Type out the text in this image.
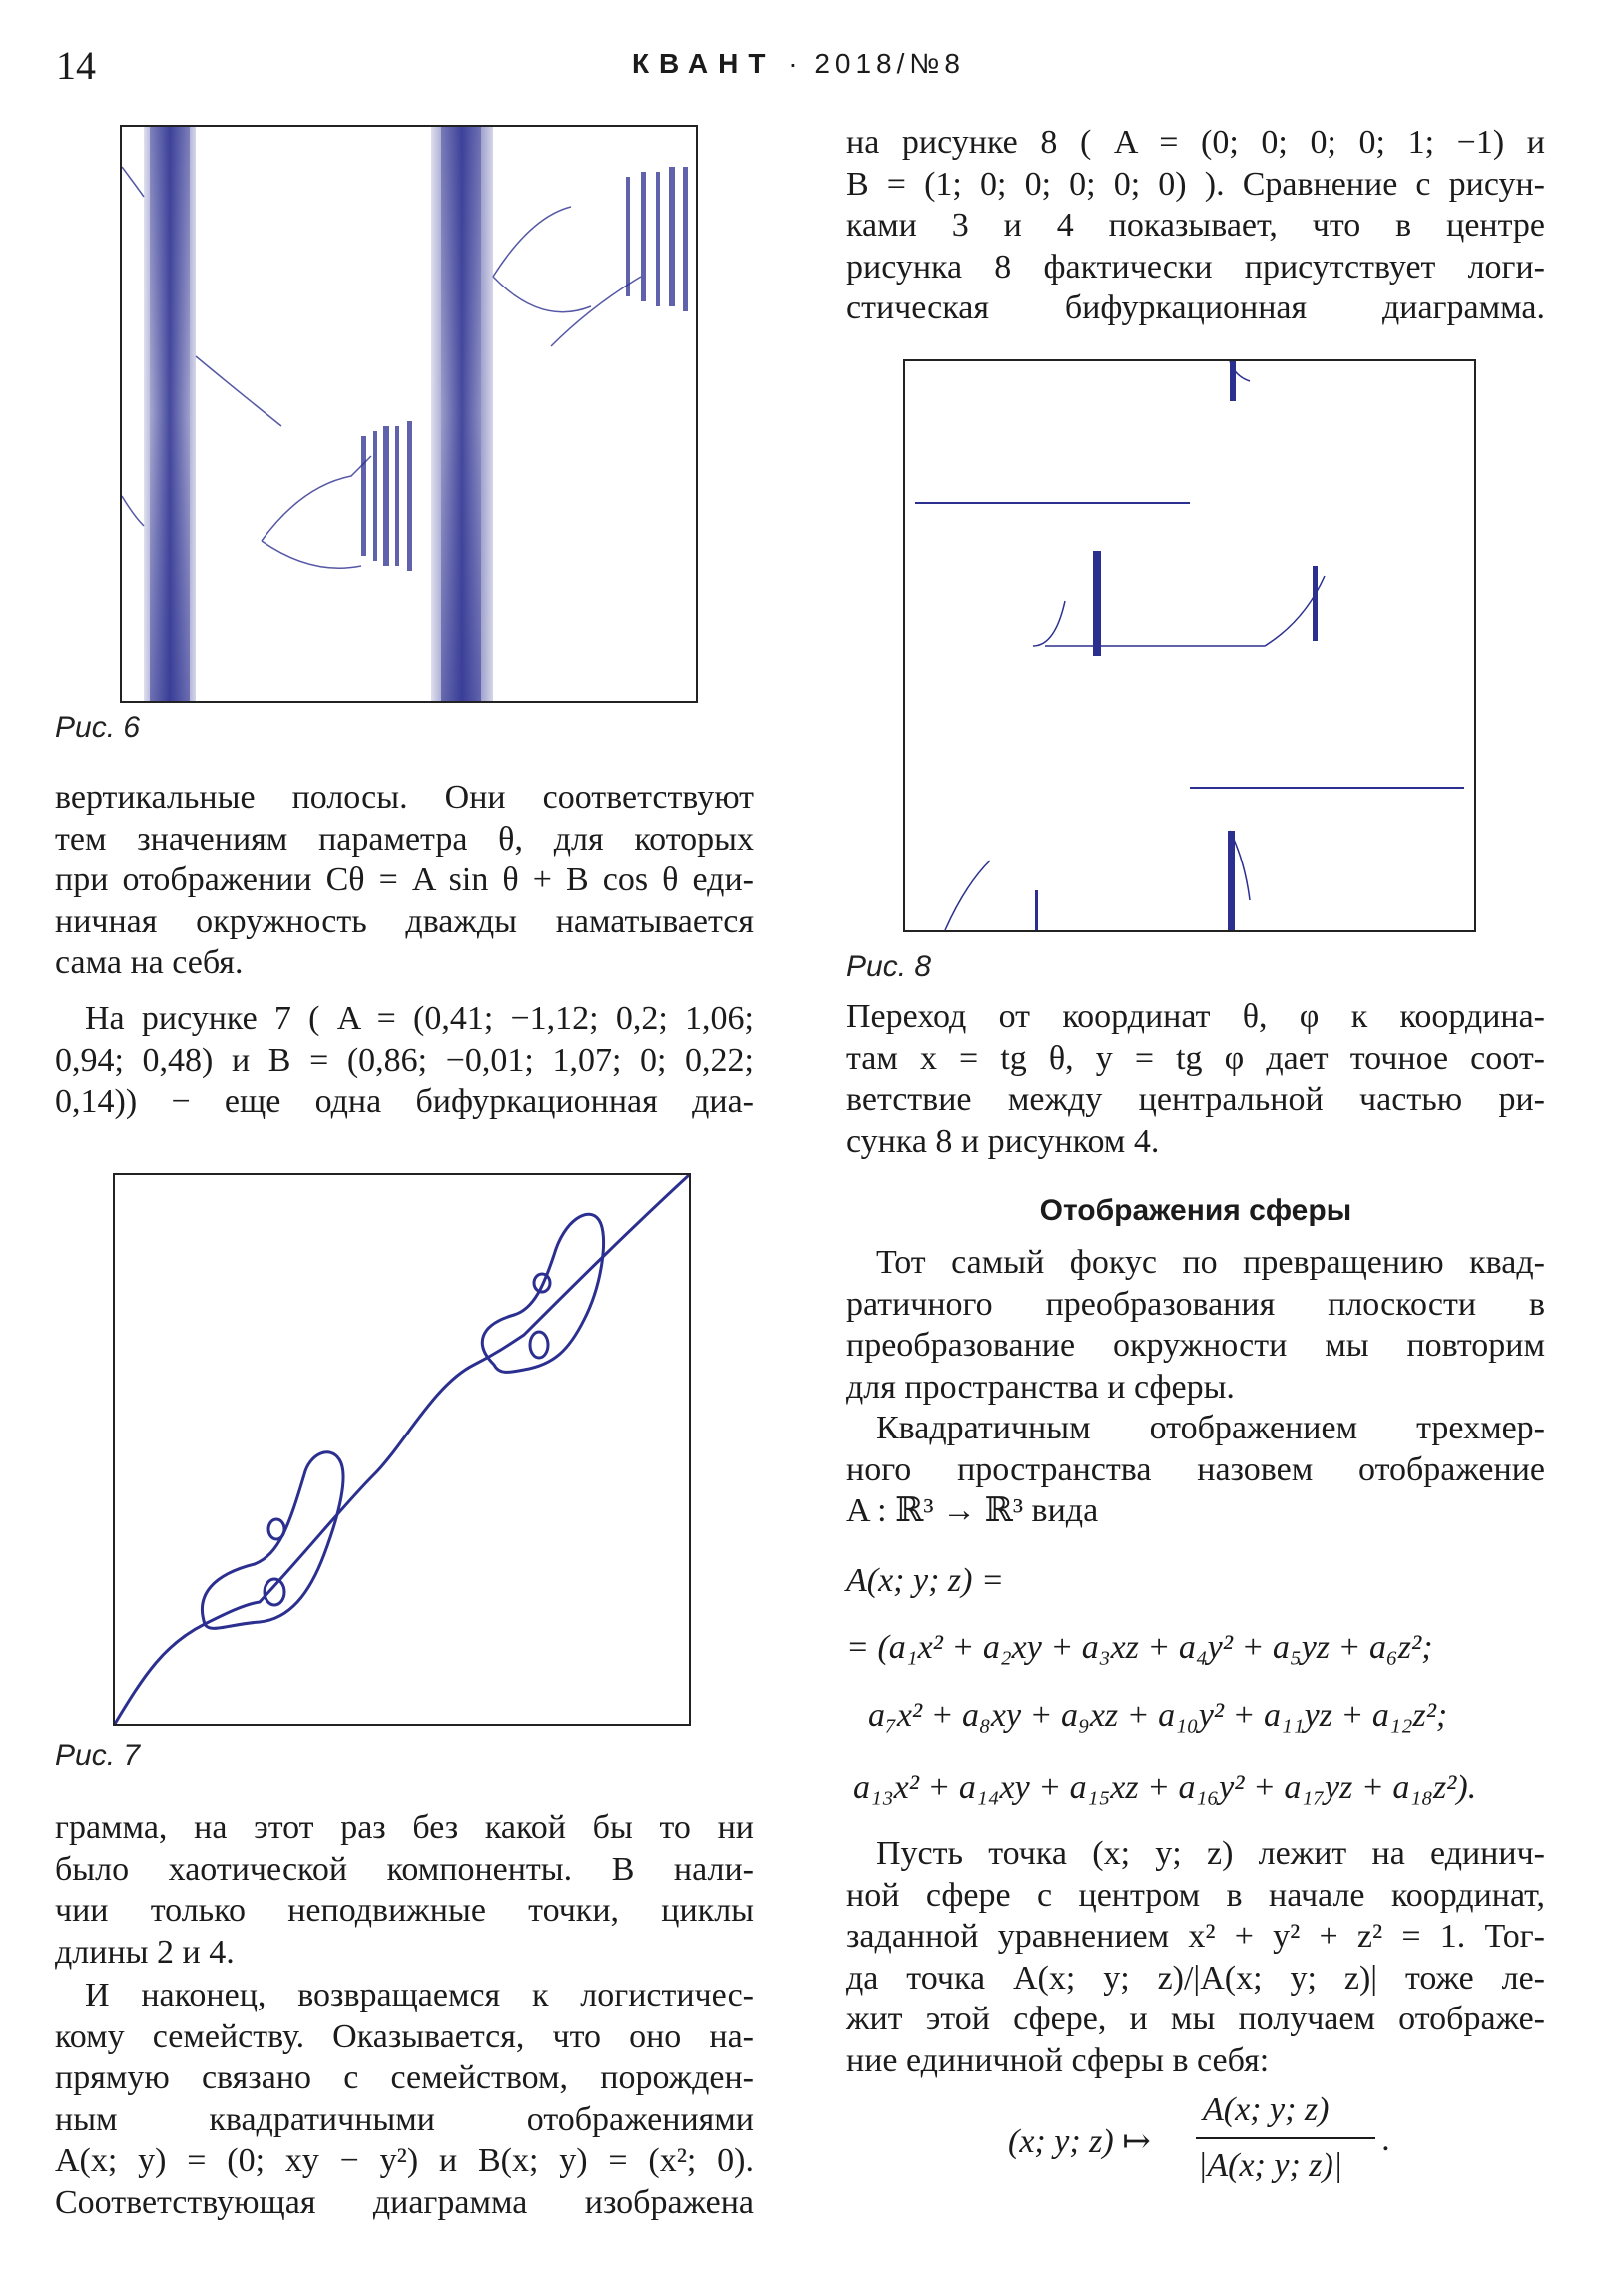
14	КВАНТ · 2018/№8
Рис. 6
вертикальные полосы. Они соответствуют
тем значениям параметра θ, для которых
при отображении Cθ = A sin θ + B cos θ еди-
ничная окружность дважды наматывается
сама на себя.
На рисунке 7 ( A = (0,41; −1,12; 0,2; 1,06;
0,94; 0,48) и B = (0,86; −0,01; 1,07; 0; 0,22;
0,14)) − еще одна бифуркационная диа-
Рис. 7
грамма, на этот раз без какой бы то ни
было хаотической компоненты. В нали-
чии только неподвижные точки, циклы
длины 2 и 4.
И наконец, возвращаемся к логистичес-
кому семейству. Оказывается, что оно на-
прямую связано с семейством, порожден-
ным квадратичными отображениями
A(x; y) = (0; xy − y²) и B(x; y) = (x²; 0).
Соответствующая диаграмма изображена
на рисунке 8 ( A = (0; 0; 0; 0; 1; −1) и
B = (1; 0; 0; 0; 0; 0) ). Сравнение с рисун-
ками 3 и 4 показывает, что в центре
рисунка 8 фактически присутствует логи-
стическая бифуркационная диаграмма.
Рис. 8
Переход от координат θ, φ к координа-
там x = tg θ, y = tg φ дает точное соот-
ветствие между центральной частью ри-
сунка 8 и рисунком 4.
Отображения сферы
Тот самый фокус по превращению квад-
ратичного преобразования плоскости в
преобразование окружности мы повторим
для пространства и сферы.
Квадратичным отображением трехмер-
ного пространства назовем отображение
A : ℝ³ → ℝ³ вида
A(x; y; z) =
= (a₁x² + a₂xy + a₃xz + a₄y² + a₅yz + a₆z²;
a₇x² + a₈xy + a₉xz + a₁₀y² + a₁₁yz + a₁₂z²;
a₁₃x² + a₁₄xy + a₁₅xz + a₁₆y² + a₁₇yz + a₁₈z²).
Пусть точка (x; y; z) лежит на единич-
ной сфере с центром в начале координат,
заданной уравнением x² + y² + z² = 1. Тог-
да точка A(x; y; z)/|A(x; y; z)| тоже ле-
жит этой сфере, и мы получаем отображе-
ние единичной сферы в себя:
(x; y; z) ↦
A(x; y; z)
|A(x; y; z)|
.
